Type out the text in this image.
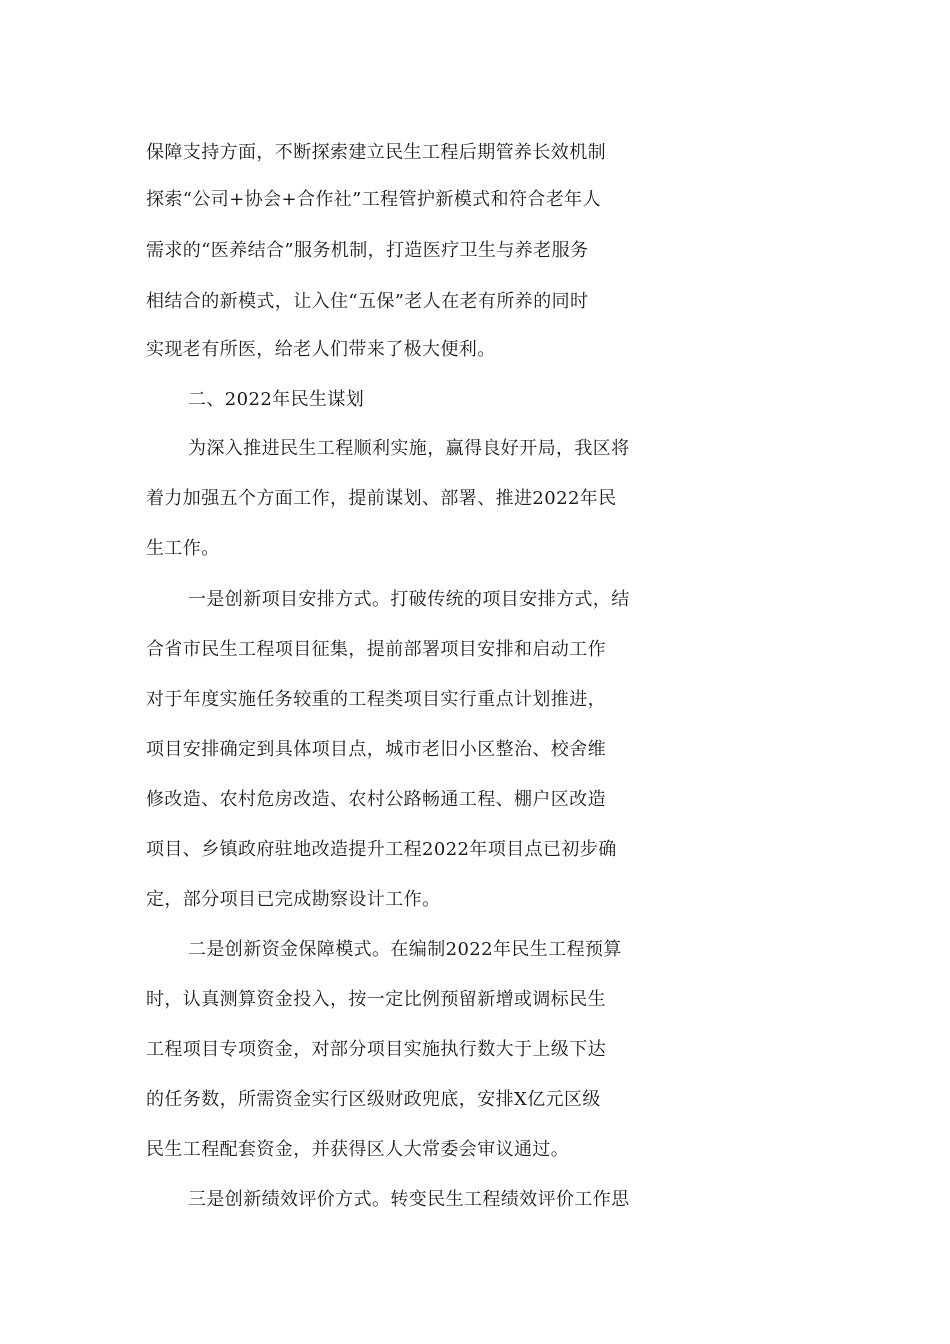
保障支持方面，不断探索建立民生工程后期管养长效机制
探索“公司+协会+合作社”工程管护新模式和符合老年人
需求的“医养结合”服务机制，打造医疗卫生与养老服务
相结合的新模式，让入住“五保”老人在老有所养的同时
实现老有所医，给老人们带来了极大便利。
二、2022年民生谋划
为深入推进民生工程顺利实施，赢得良好开局，我区将
着力加强五个方面工作，提前谋划、部署、推进2022年民
生工作。
一是创新项目安排方式。打破传统的项目安排方式，结
合省市民生工程项目征集，提前部署项目安排和启动工作
对于年度实施任务较重的工程类项目实行重点计划推进，
项目安排确定到具体项目点，城市老旧小区整治、校舍维
修改造、农村危房改造、农村公路畅通工程、棚户区改造
项目、乡镇政府驻地改造提升工程2022年项目点已初步确
定，部分项目已完成勘察设计工作。
二是创新资金保障模式。在编制2022年民生工程预算
时，认真测算资金投入，按一定比例预留新增或调标民生
工程项目专项资金，对部分项目实施执行数大于上级下达
的任务数，所需资金实行区级财政兜底，安排X亿元区级
民生工程配套资金，并获得区人大常委会审议通过。
三是创新绩效评价方式。转变民生工程绩效评价工作思
